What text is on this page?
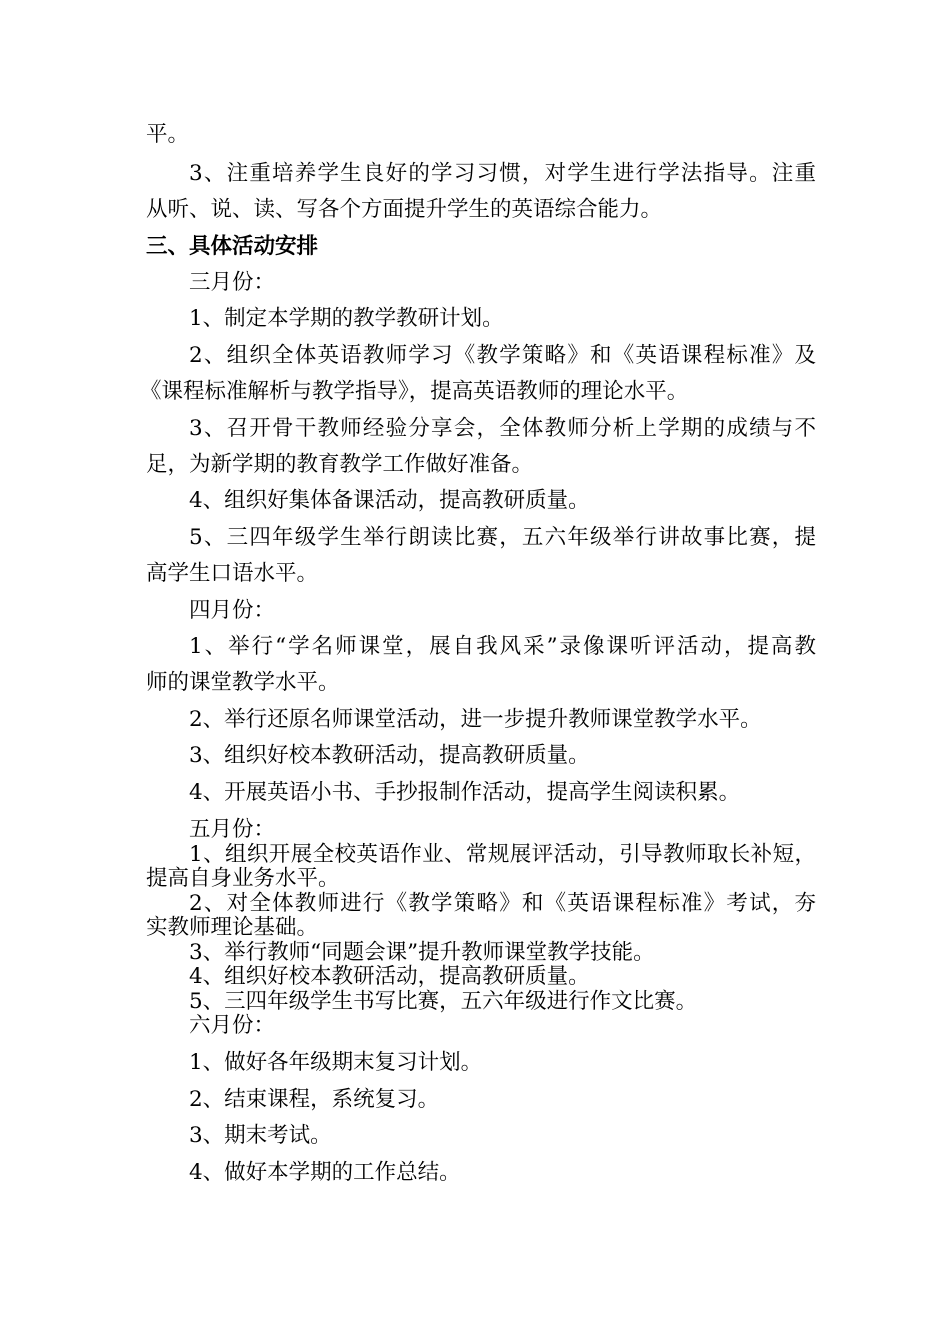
平。
3、注重培养学生良好的学习习惯，对学生进行学法指导。注重
从听、说、读、写各个方面提升学生的英语综合能力。
三、具体活动安排
三月份：
1、制定本学期的教学教研计划。
2、组织全体英语教师学习《教学策略》和《英语课程标准》及
《课程标准解析与教学指导》，提高英语教师的理论水平。
3、召开骨干教师经验分享会，全体教师分析上学期的成绩与不
足，为新学期的教育教学工作做好准备。
4、组织好集体备课活动，提高教研质量。
5、三四年级学生举行朗读比赛，五六年级举行讲故事比赛，提
高学生口语水平。
四月份：
1、举行“学名师课堂，展自我风采”录像课听评活动，提高教
师的课堂教学水平。
2、举行还原名师课堂活动，进一步提升教师课堂教学水平。
3、组织好校本教研活动，提高教研质量。
4、开展英语小书、手抄报制作活动，提高学生阅读积累。
五月份：
1、组织开展全校英语作业、常规展评活动，引导教师取长补短，
提高自身业务水平。
2、对全体教师进行《教学策略》和《英语课程标准》考试，夯
实教师理论基础。
3、举行教师“同题会课”提升教师课堂教学技能。
4、组织好校本教研活动，提高教研质量。
5、三四年级学生书写比赛，五六年级进行作文比赛。
六月份：
1、做好各年级期末复习计划。
2、结束课程，系统复习。
3、期末考试。
4、做好本学期的工作总结。
